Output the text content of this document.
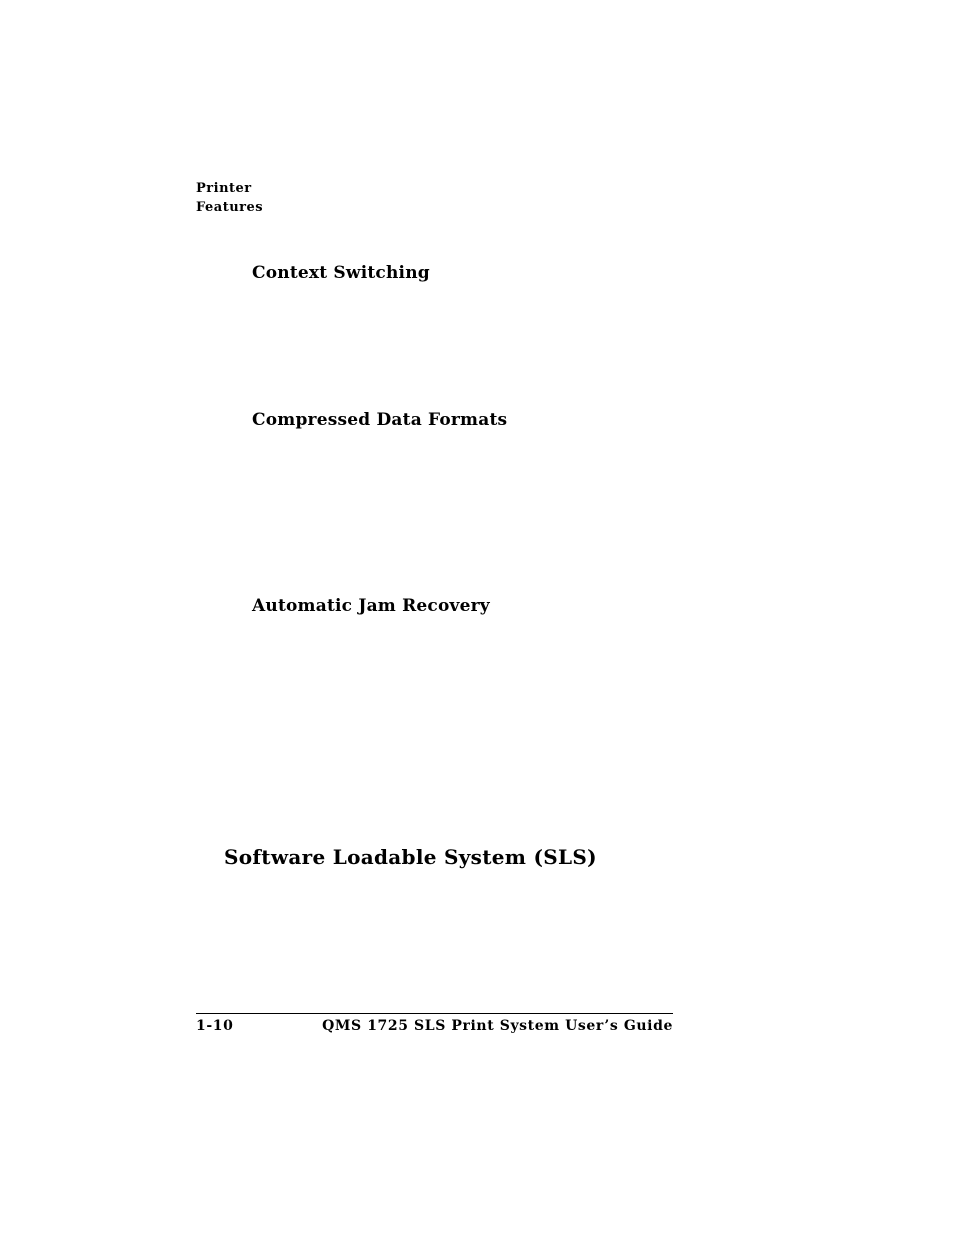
Printer
Features
Context Switching
Compressed Data Formats
Automatic Jam Recovery
Software Loadable System (SLS)
1-10	QMS 1725 SLS Print System User’s Guide
